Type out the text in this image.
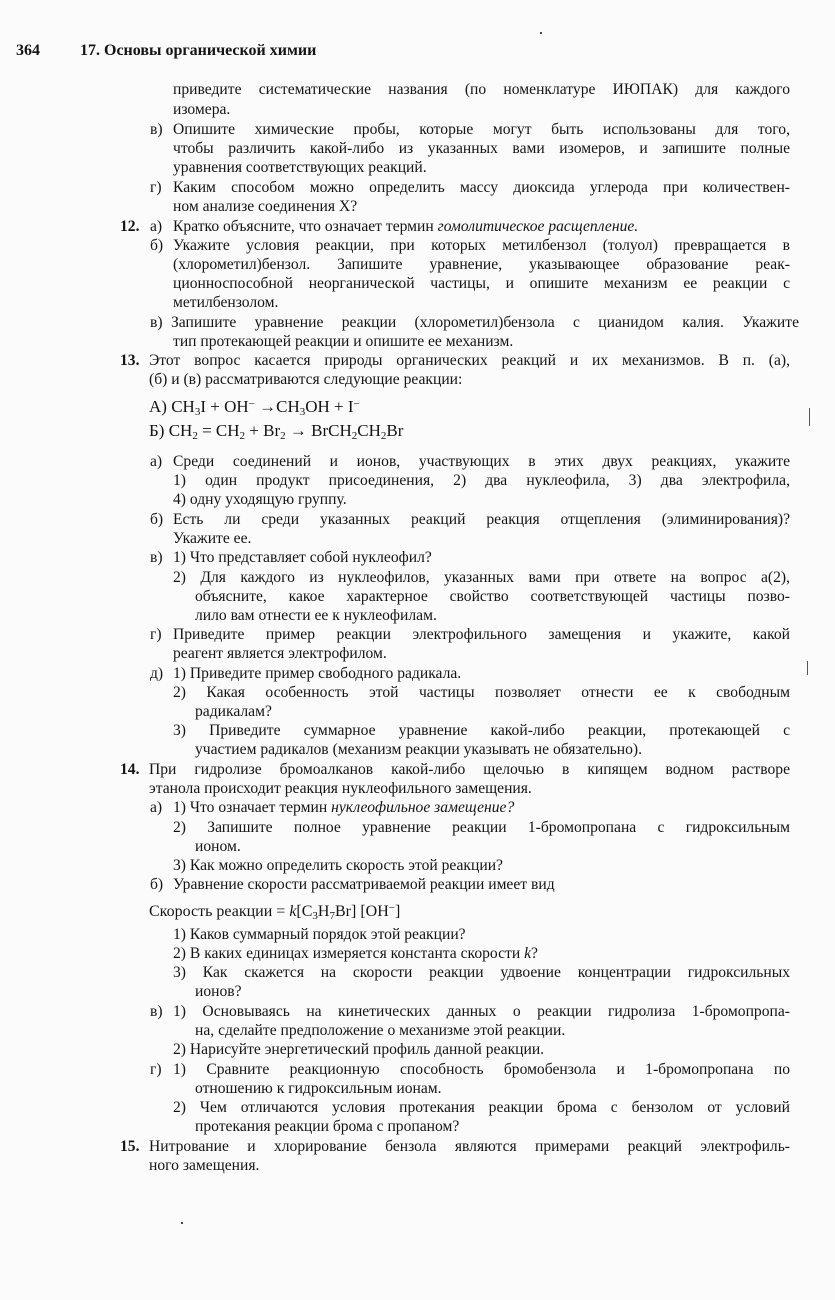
364	17. Основы органической химии
приведите систематические названия (по номенклатуре ИЮПАК) для каждого
изомера.
в) Опишите химические пробы, которые могут быть использованы для того,
чтобы различить какой-либо из указанных вами изомеров, и запишите полные
уравнения соответствующих реакций.
г) Каким способом можно определить массу диоксида углерода при количествен-
ном анализе соединения X?
12. а) Кратко объясните, что означает термин гомолитическое расщепление.
б) Укажите условия реакции, при которых метилбензол (толуол) превращается в
(хлорометил)бензол. Запишите уравнение, указывающее образование реак-
ционноспособной неорганической частицы, и опишите механизм ее реакции с
метилбензолом.
в) Запишите уравнение реакции (хлорометил)бензола с цианидом калия. Укажите
тип протекающей реакции и опишите ее механизм.
13. Этот вопрос касается природы органических реакций и их механизмов. В п. (а),
(б) и (в) рассматриваются следующие реакции:
А) $CH_3I + OH^- \to CH_3OH + I^-$
Б) $CH_2 = CH_2 + Br_2$ → $BrCH_2CH_2Br$
а) Среди соединений и ионов, участвующих в этих двух реакциях, укажите
1) один продукт присоединения, 2) два нуклеофила, 3) два электрофила,
4) одну уходящую группу.
б) Есть ли среди указанных реакций реакция отщепления (элиминирования)?
Укажите ее.
в) 1) Что представляет собой нуклеофил?
2) Для каждого из нуклеофилов, указанных вами при ответе на вопрос а(2),
объясните, какое характерное свойство соответствующей частицы позво-
лило вам отнести ее к нуклеофилам.
г) Приведите пример реакции электрофильного замещения и укажите, какой
реагент является электрофилом.
д) 1) Приведите пример свободного радикала.
2) Какая особенность этой частицы позволяет отнести ее к свободным
радикалам?
3) Приведите суммарное уравнение какой-либо реакции, протекающей с
участием радикалов (механизм реакции указывать не обязательно).
14. При гидролизе бромоалканов какой-либо щелочью в кипящем водном растворе
этанола происходит реакция нуклеофильного замещения.
а) 1) Что означает термин нуклеофильное замещение?
2) Запишите полное уравнение реакции 1-бромопропана с гидроксильным
ионом.
3) Как можно определить скорость этой реакции?
б) Уравнение скорости рассматриваемой реакции имеет вид
Скорость реакции = $k[C_3H_7Br]$ [OH−]
1) Каков суммарный порядок этой реакции?
2) В каких единицах измеряется константа скорости k?
3) Как скажется на скорости реакции удвоение концентрации гидроксильных
ионов?
в) 1) Основываясь на кинетических данных о реакции гидролиза 1-бромопропа-
на, сделайте предположение о механизме этой реакции.
2) Нарисуйте энергетический профиль данной реакции.
г) 1) Сравните реакционную способность бромобензола и 1-бромопропана по
отношению к гидроксильным ионам.
2) Чем отличаются условия протекания реакции брома с бензолом от условий
протекания реакции брома с пропаном?
15. Нитрование и хлорирование бензола являются примерами реакций электрофиль-
ного замещения.
